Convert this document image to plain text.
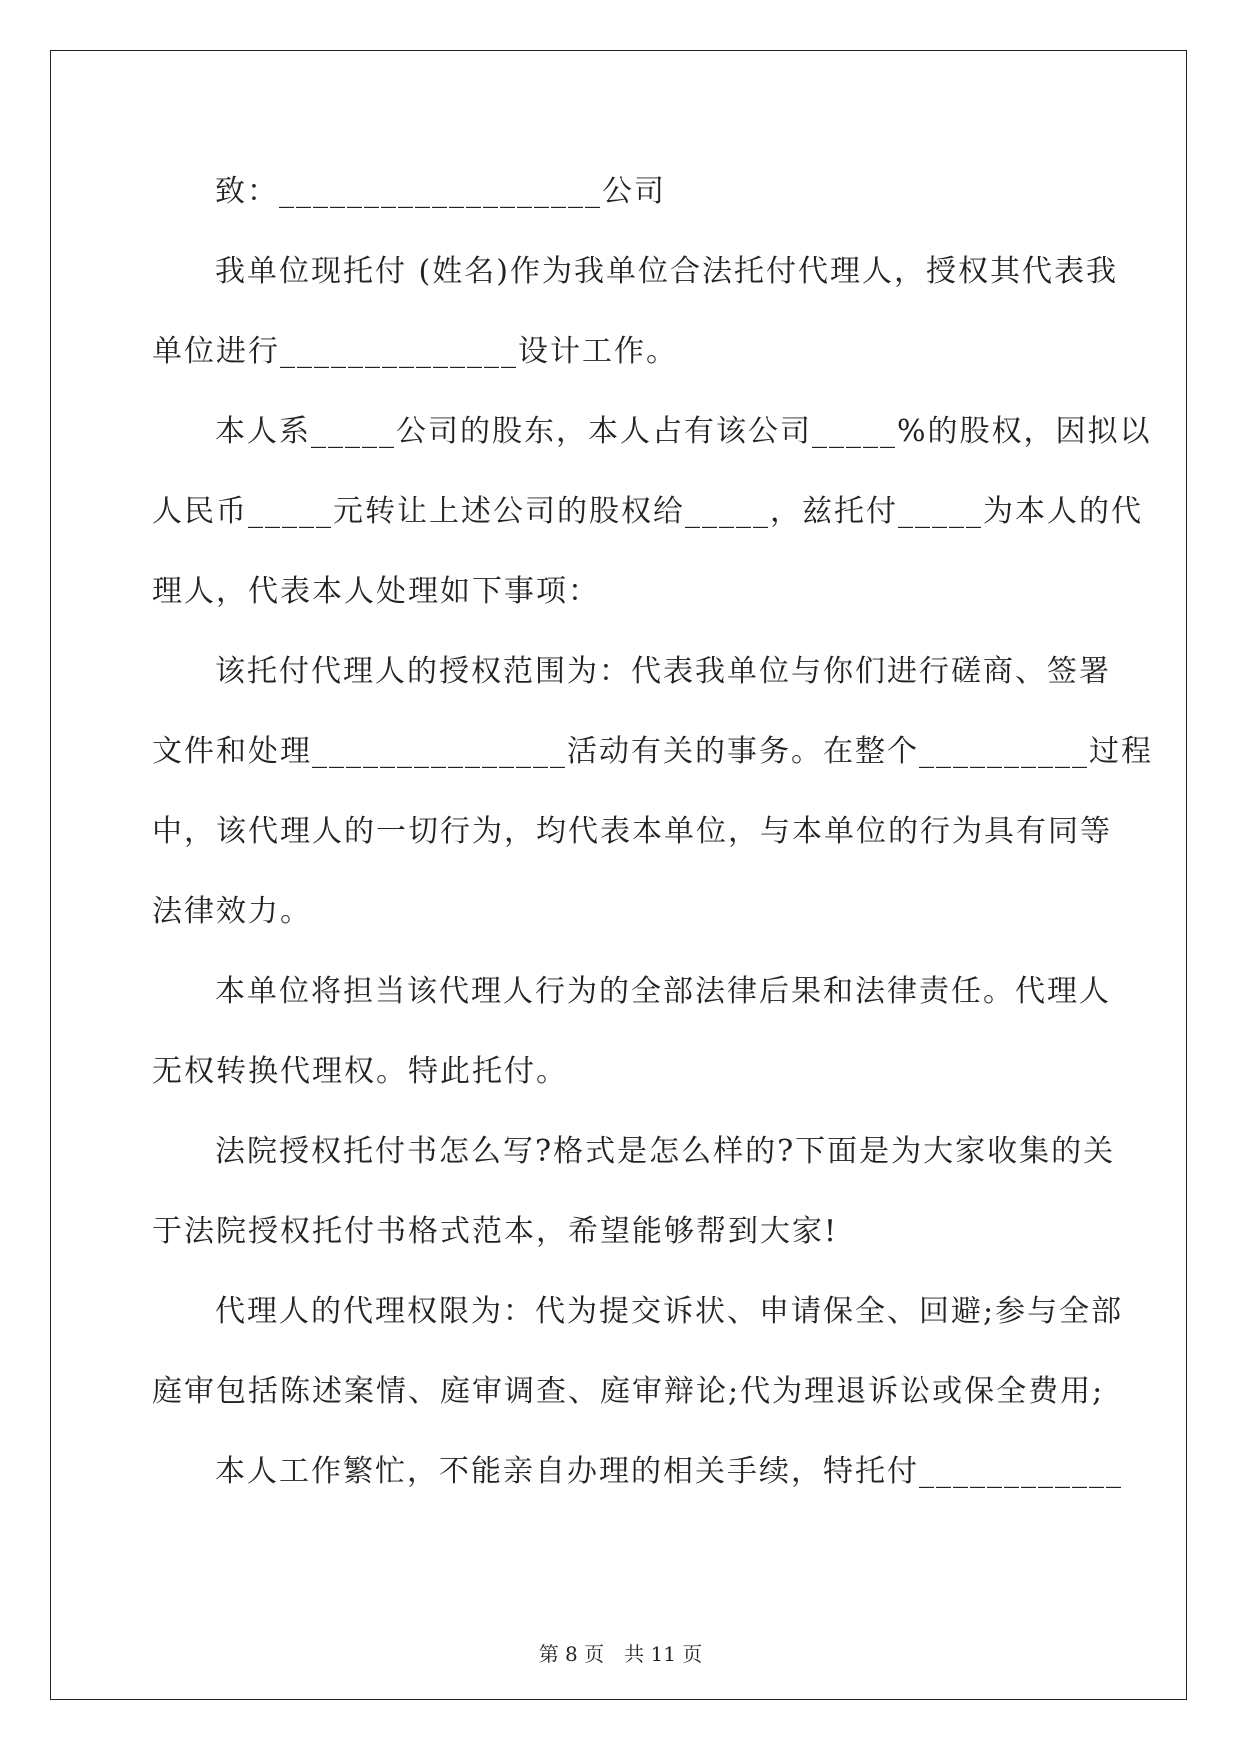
致：___________________公司
我单位现托付 (姓名)作为我单位合法托付代理人，授权其代表我
单位进行______________设计工作。
本人系_____公司的股东，本人占有该公司_____%的股权，因拟以
人民币_____元转让上述公司的股权给_____，兹托付_____为本人的代
理人，代表本人处理如下事项：
该托付代理人的授权范围为：代表我单位与你们进行磋商、签署
文件和处理_______________活动有关的事务。在整个__________过程
中，该代理人的一切行为，均代表本单位，与本单位的行为具有同等
法律效力。
本单位将担当该代理人行为的全部法律后果和法律责任。代理人
无权转换代理权。特此托付。
法院授权托付书怎么写?格式是怎么样的?下面是为大家收集的关
于法院授权托付书格式范本，希望能够帮到大家!
代理人的代理权限为：代为提交诉状、申请保全、回避;参与全部
庭审包括陈述案情、庭审调查、庭审辩论;代为理退诉讼或保全费用;
本人工作繁忙，不能亲自办理的相关手续，特托付____________
第 8 页　共 11 页
